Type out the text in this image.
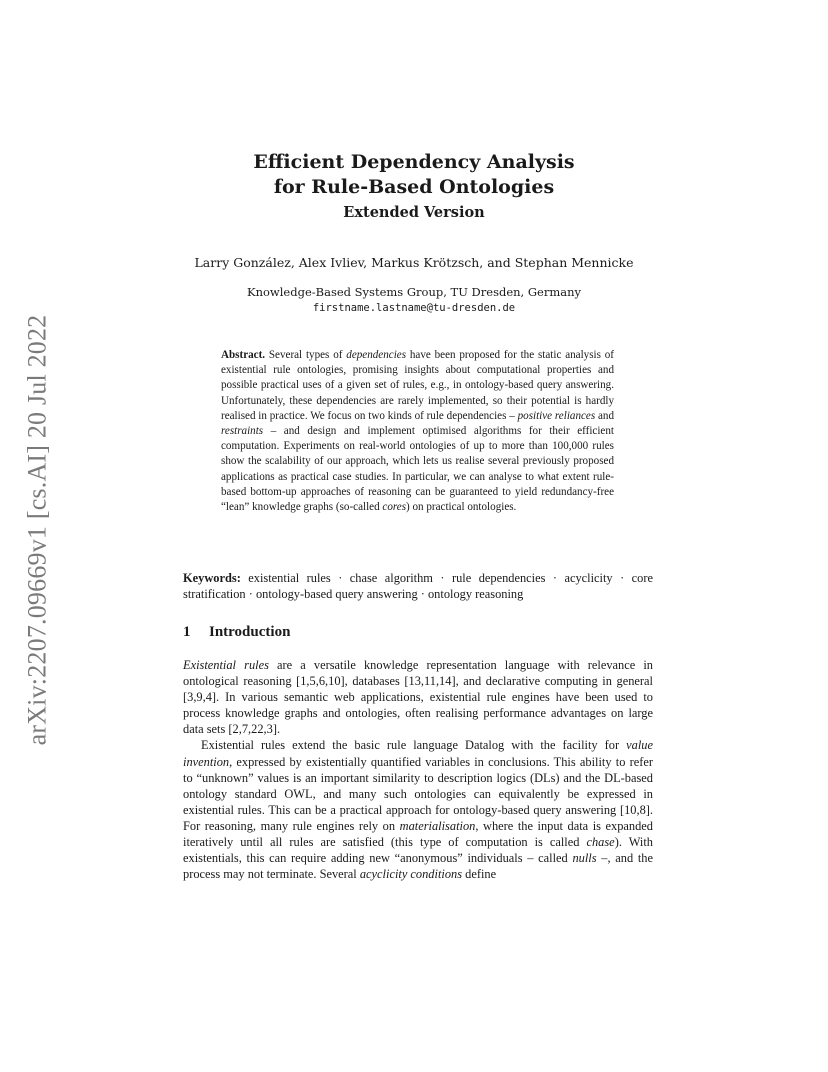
arXiv:2207.09669v1 [cs.AI] 20 Jul 2022
Efficient Dependency Analysis
for Rule-Based Ontologies
Extended Version
Larry González, Alex Ivliev, Markus Krötzsch, and Stephan Mennicke
Knowledge-Based Systems Group, TU Dresden, Germany
firstname.lastname@tu-dresden.de
Abstract. Several types of dependencies have been proposed for the static analysis of existential rule ontologies, promising insights about computational properties and possible practical uses of a given set of rules, e.g., in ontology-based query answering. Unfortunately, these dependencies are rarely implemented, so their potential is hardly realised in practice. We focus on two kinds of rule dependencies – positive reliances and restraints – and design and implement optimised algorithms for their efficient computation. Experiments on real-world ontologies of up to more than 100,000 rules show the scalability of our approach, which lets us realise several previously proposed applications as practical case studies. In particular, we can analyse to what extent rule-based bottom-up approaches of reasoning can be guaranteed to yield redundancy-free “lean” knowledge graphs (so-called cores) on practical ontologies.
Keywords: existential rules · chase algorithm · rule dependencies · acyclicity · core stratification · ontology-based query answering · ontology reasoning
1 Introduction

Existential rules are a versatile knowledge representation language with relevance in ontological reasoning [1,5,6,10], databases [13,11,14], and declarative computing in general [3,9,4]. In various semantic web applications, existential rule engines have been used to process knowledge graphs and ontologies, often realising performance advantages on large data sets [2,7,22,3].

Existential rules extend the basic rule language Datalog with the facility for value invention, expressed by existentially quantified variables in conclusions. This ability to refer to “unknown” values is an important similarity to description logics (DLs) and the DL-based ontology standard OWL, and many such ontologies can equivalently be expressed in existential rules. This can be a practical approach for ontology-based query answering [10,8]. For reasoning, many rule engines rely on materialisation, where the input data is expanded iteratively until all rules are satisfied (this type of computation is called chase). With existentials, this can require adding new “anonymous” individuals – called nulls –, and the process may not terminate. Several acyclicity conditions define
